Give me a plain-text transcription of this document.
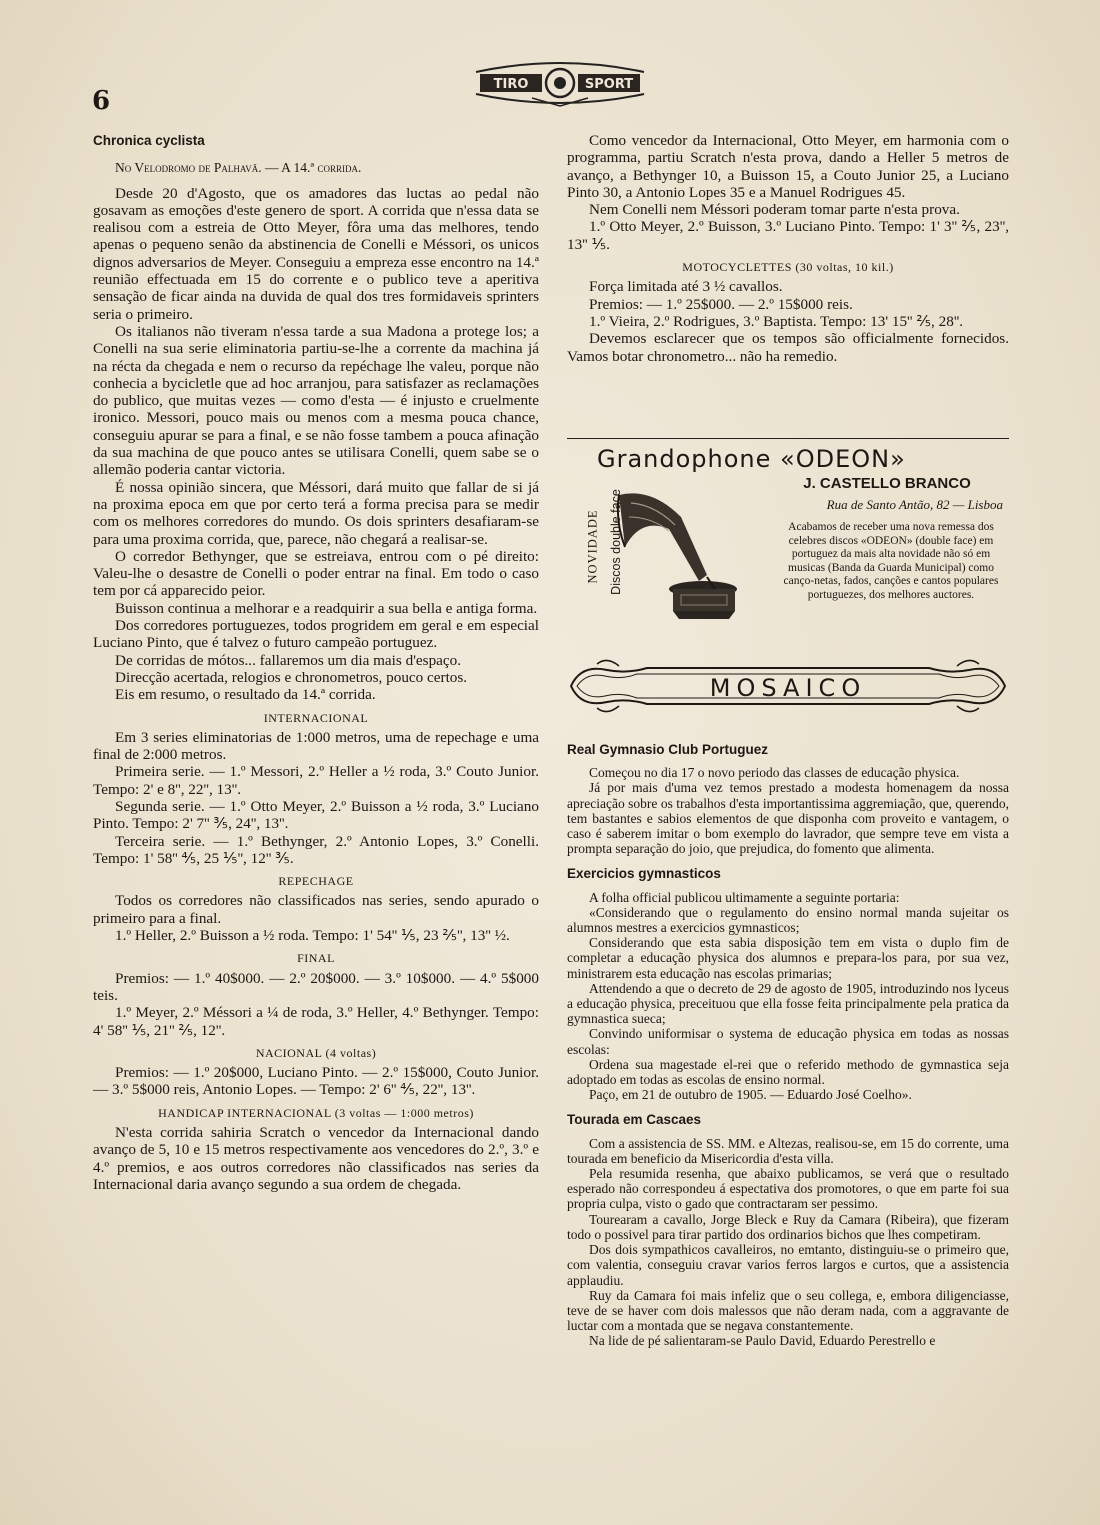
6
TIRO	SPORT
Chronica cyclista

No Velodromo de Palhavã. — A 14.ª corrida.

Desde 20 d'Agosto, que os amadores das luctas ao pedal não gosavam as emoções d'este genero de sport. A corrida que n'essa data se realisou com a estreia de Otto Meyer, fôra uma das melhores, tendo apenas o pequeno senão da abstinencia de Conelli e Méssori, os unicos dignos adversarios de Meyer. Conseguiu a empreza esse encontro na 14.ª reunião effectuada em 15 do corrente e o publico teve a aperitiva sensação de ficar ainda na duvida de qual dos tres formidaveis sprinters seria o primeiro.

Os italianos não tiveram n'essa tarde a sua Madona a protege los; a Conelli na sua serie eliminatoria partiu-se-lhe a corrente da machina já na récta da chegada e nem o recurso da repéchage lhe valeu, porque não conhecia a bycicletle que ad hoc arranjou, para satisfazer as reclamações do publico, que muitas vezes — como d'esta — é injusto e cruelmente ironico. Messori, pouco mais ou menos com a mesma pouca chance, conseguiu apurar se para a final, e se não fosse tambem a pouca afinação da sua machina de que pouco antes se utilisara Conelli, quem sabe se o allemão poderia cantar victoria.

É nossa opinião sincera, que Méssori, dará muito que fallar de si já na proxima epoca em que por certo terá a forma precisa para se medir com os melhores corredores do mundo. Os dois sprinters desafiaram-se para uma proxima corrida, que, parece, não chegará a realisar-se.

O corredor Bethynger, que se estreiava, entrou com o pé direito: Valeu-lhe o desastre de Conelli o poder entrar na final. Em todo o caso tem por cá apparecido peior.

Buisson continua a melhorar e a readquirir a sua bella e antiga forma.

Dos corredores portuguezes, todos progridem em geral e em especial Luciano Pinto, que é talvez o futuro campeão portuguez.

De corridas de mótos... fallaremos um dia mais d'espaço.

Direcção acertada, relogios e chronometros, pouco certos.

Eis em resumo, o resultado da 14.ª corrida.

INTERNACIONAL

Em 3 series eliminatorias de 1:000 metros, uma de repechage e uma final de 2:000 metros.

Primeira serie. — 1.º Messori, 2.º Heller a ½ roda, 3.º Couto Junior. Tempo: 2' e 8'', 22'', 13''.

Segunda serie. — 1.º Otto Meyer, 2.º Buisson a ½ roda, 3.º Luciano Pinto. Tempo: 2' 7'' ⅗, 24'', 13''.

Terceira serie. — 1.º Bethynger, 2.º Antonio Lopes, 3.º Conelli. Tempo: 1' 58'' ⅘, 25 ⅕'', 12'' ⅗.

REPECHAGE

Todos os corredores não classificados nas series, sendo apurado o primeiro para a final.

1.º Heller, 2.º Buisson a ½ roda. Tempo: 1' 54'' ⅕, 23 ⅖'', 13'' ½.

FINAL

Premios: — 1.º 40$000. — 2.º 20$000. — 3.º 10$000. — 4.º 5$000 teis.

1.º Meyer, 2.º Méssori a ¼ de roda, 3.º Heller, 4.º Bethynger. Tempo: 4' 58'' ⅕, 21'' ⅖, 12''.

NACIONAL (4 voltas)

Premios: — 1.º 20$000, Luciano Pinto. — 2.º 15$000, Couto Junior. — 3.º 5$000 reis, Antonio Lopes. — Tempo: 2' 6'' ⅘, 22'', 13''.

HANDICAP INTERNACIONAL (3 voltas — 1:000 metros)

N'esta corrida sahiria Scratch o vencedor da Internacional dando avanço de 5, 10 e 15 metros respectivamente aos vencedores do 2.º, 3.º e 4.º premios, e aos outros corredores não classificados nas series da Internacional daria avanço segundo a sua ordem de chegada.

Como vencedor da Internacional, Otto Meyer, em harmonia com o programma, partiu Scratch n'esta prova, dando a Heller 5 metros de avanço, a Bethynger 10, a Buisson 15, a Couto Junior 25, a Luciano Pinto 30, a Antonio Lopes 35 e a Manuel Rodrigues 45.

Nem Conelli nem Méssori poderam tomar parte n'esta prova.

1.º Otto Meyer, 2.º Buisson, 3.º Luciano Pinto. Tempo: 1' 3'' ⅖, 23'', 13'' ⅕.

MOTOCYCLETTES (30 voltas, 10 kil.)

Força limitada até 3 ½ cavallos.

Premios: — 1.º 25$000. — 2.º 15$000 reis.

1.º Vieira, 2.º Rodrigues, 3.º Baptista. Tempo: 13' 15'' ⅖, 28''.

Devemos esclarecer que os tempos são officialmente fornecidos. Vamos botar chronometro... não ha remedio.

Grandophone «ODEON»
NOVIDADE Discos double face
J. CASTELLO BRANCO
Rua de Santo Antão, 82 — Lisboa
Acabamos de receber uma nova remessa dos celebres discos «ODEON» (double face) em portuguez da mais alta novidade não só em musicas (Banda da Guarda Municipal) como canço-netas, fados, canções e cantos populares portuguezes, dos melhores auctores.
MOSAICO
Real Gymnasio Club Portuguez

Começou no dia 17 o novo periodo das classes de educação physica.

Já por mais d'uma vez temos prestado a modesta homenagem da nossa apreciação sobre os trabalhos d'esta importantissima aggremiação, que, querendo, tem bastantes e sabios elementos de que disponha com proveito e vantagem, o caso é saberem imitar o bom exemplo do lavrador, que sempre teve em vista a prompta separação do joio, que prejudica, do fomento que alimenta.

Exercicios gymnasticos

A folha official publicou ultimamente a seguinte portaria:

«Considerando que o regulamento do ensino normal manda sujeitar os alumnos mestres a exercicios gymnasticos;

Considerando que esta sabia disposição tem em vista o duplo fim de completar a educação physica dos alumnos e prepara-los para, por sua vez, ministrarem esta educação nas escolas primarias;

Attendendo a que o decreto de 29 de agosto de 1905, introduzindo nos lyceus a educação physica, preceituou que ella fosse feita principalmente pela pratica da gymnastica sueca;

Convindo uniformisar o systema de educação physica em todas as nossas escolas:

Ordena sua magestade el-rei que o referido methodo de gymnastica seja adoptado em todas as escolas de ensino normal.

Paço, em 21 de outubro de 1905. — Eduardo José Coelho».

Tourada em Cascaes

Com a assistencia de SS. MM. e Altezas, realisou-se, em 15 do corrente, uma tourada em beneficio da Misericordia d'esta villa.

Pela resumida resenha, que abaixo publicamos, se verá que o resultado esperado não correspondeu á espectativa dos promotores, o que em parte foi sua propria culpa, visto o gado que contractaram ser pessimo.

Tourearam a cavallo, Jorge Bleck e Ruy da Camara (Ribeira), que fizeram todo o possivel para tirar partido dos ordinarios bichos que lhes competiram.

Dos dois sympathicos cavalleiros, no emtanto, distinguiu-se o primeiro que, com valentia, conseguiu cravar varios ferros largos e curtos, que a assistencia applaudiu.

Ruy da Camara foi mais infeliz que o seu collega, e, embora diligenciasse, teve de se haver com dois malessos que não deram nada, com a aggravante de luctar com a montada que se negava constantemente.

Na lide de pé salientaram-se Paulo David, Eduardo Perestrello e
